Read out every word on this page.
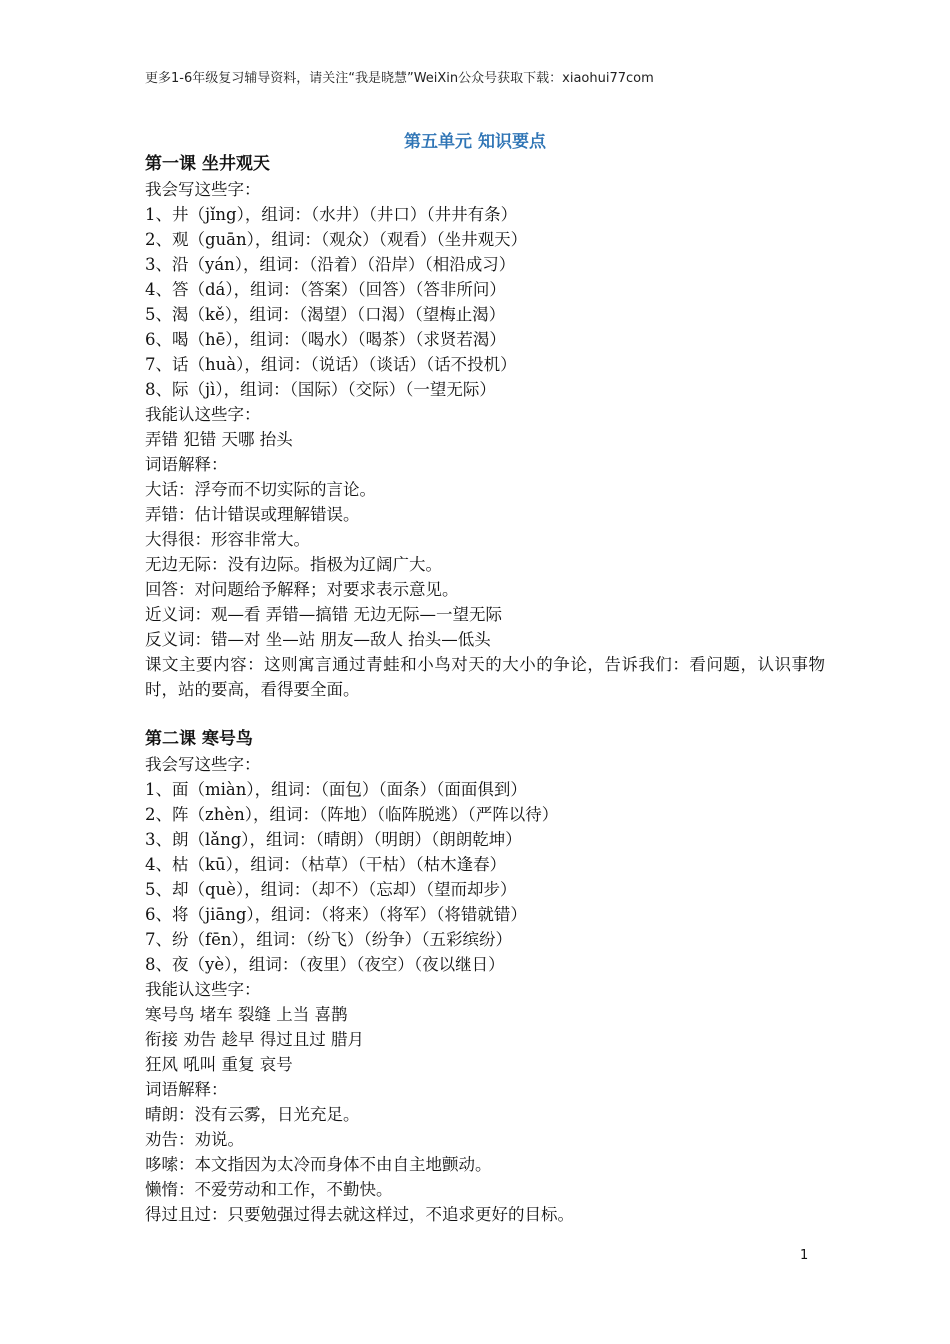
更多1-6年级复习辅导资料，请关注“我是晓慧”WeiXin公众号获取下载：xiaohui77com
第五单元 知识要点
第一课 坐井观天
我会写这些字：
1、井（jǐng），组词：（水井）（井口）（井井有条）
2、观（guān），组词：（观众）（观看）（坐井观天）
3、沿（yán），组词：（沿着）（沿岸）（相沿成习）
4、答（dá），组词：（答案）（回答）（答非所问）
5、渴（kě），组词：（渴望）（口渴）（望梅止渴）
6、喝（hē），组词：（喝水）（喝茶）（求贤若渴）
7、话（huà），组词：（说话）（谈话）（话不投机）
8、际（jì），组词：（国际）（交际）（一望无际）
我能认这些字：
弄错 犯错 天哪 抬头
词语解释：
大话：浮夸而不切实际的言论。
弄错：估计错误或理解错误。
大得很：形容非常大。
无边无际：没有边际。指极为辽阔广大。
回答：对问题给予解释；对要求表示意见。
近义词：观—看 弄错—搞错 无边无际—一望无际
反义词：错—对 坐—站 朋友—敌人 抬头—低头
课文主要内容：这则寓言通过青蛙和小鸟对天的大小的争论，告诉我们：看问题，认识事物时，站的要高，看得要全面。
第二课 寒号鸟
我会写这些字：
1、面（miàn），组词：（面包）（面条）（面面俱到）
2、阵（zhèn），组词：（阵地）（临阵脱逃）（严阵以待）
3、朗（lǎng），组词：（晴朗）（明朗）（朗朗乾坤）
4、枯（kū），组词：（枯草）（干枯）（枯木逢春）
5、却（què），组词：（却不）（忘却）（望而却步）
6、将（jiāng），组词：（将来）（将军）（将错就错）
7、纷（fēn），组词：（纷飞）（纷争）（五彩缤纷）
8、夜（yè），组词：（夜里）（夜空）（夜以继日）
我能认这些字：
寒号鸟 堵车 裂缝 上当 喜鹊
衔接 劝告 趁早 得过且过 腊月
狂风 吼叫 重复 哀号
词语解释：
晴朗：没有云雾，日光充足。
劝告：劝说。
哆嗦：本文指因为太冷而身体不由自主地颤动。
懒惰：不爱劳动和工作，不勤快。
得过且过：只要勉强过得去就这样过，不追求更好的目标。
1
